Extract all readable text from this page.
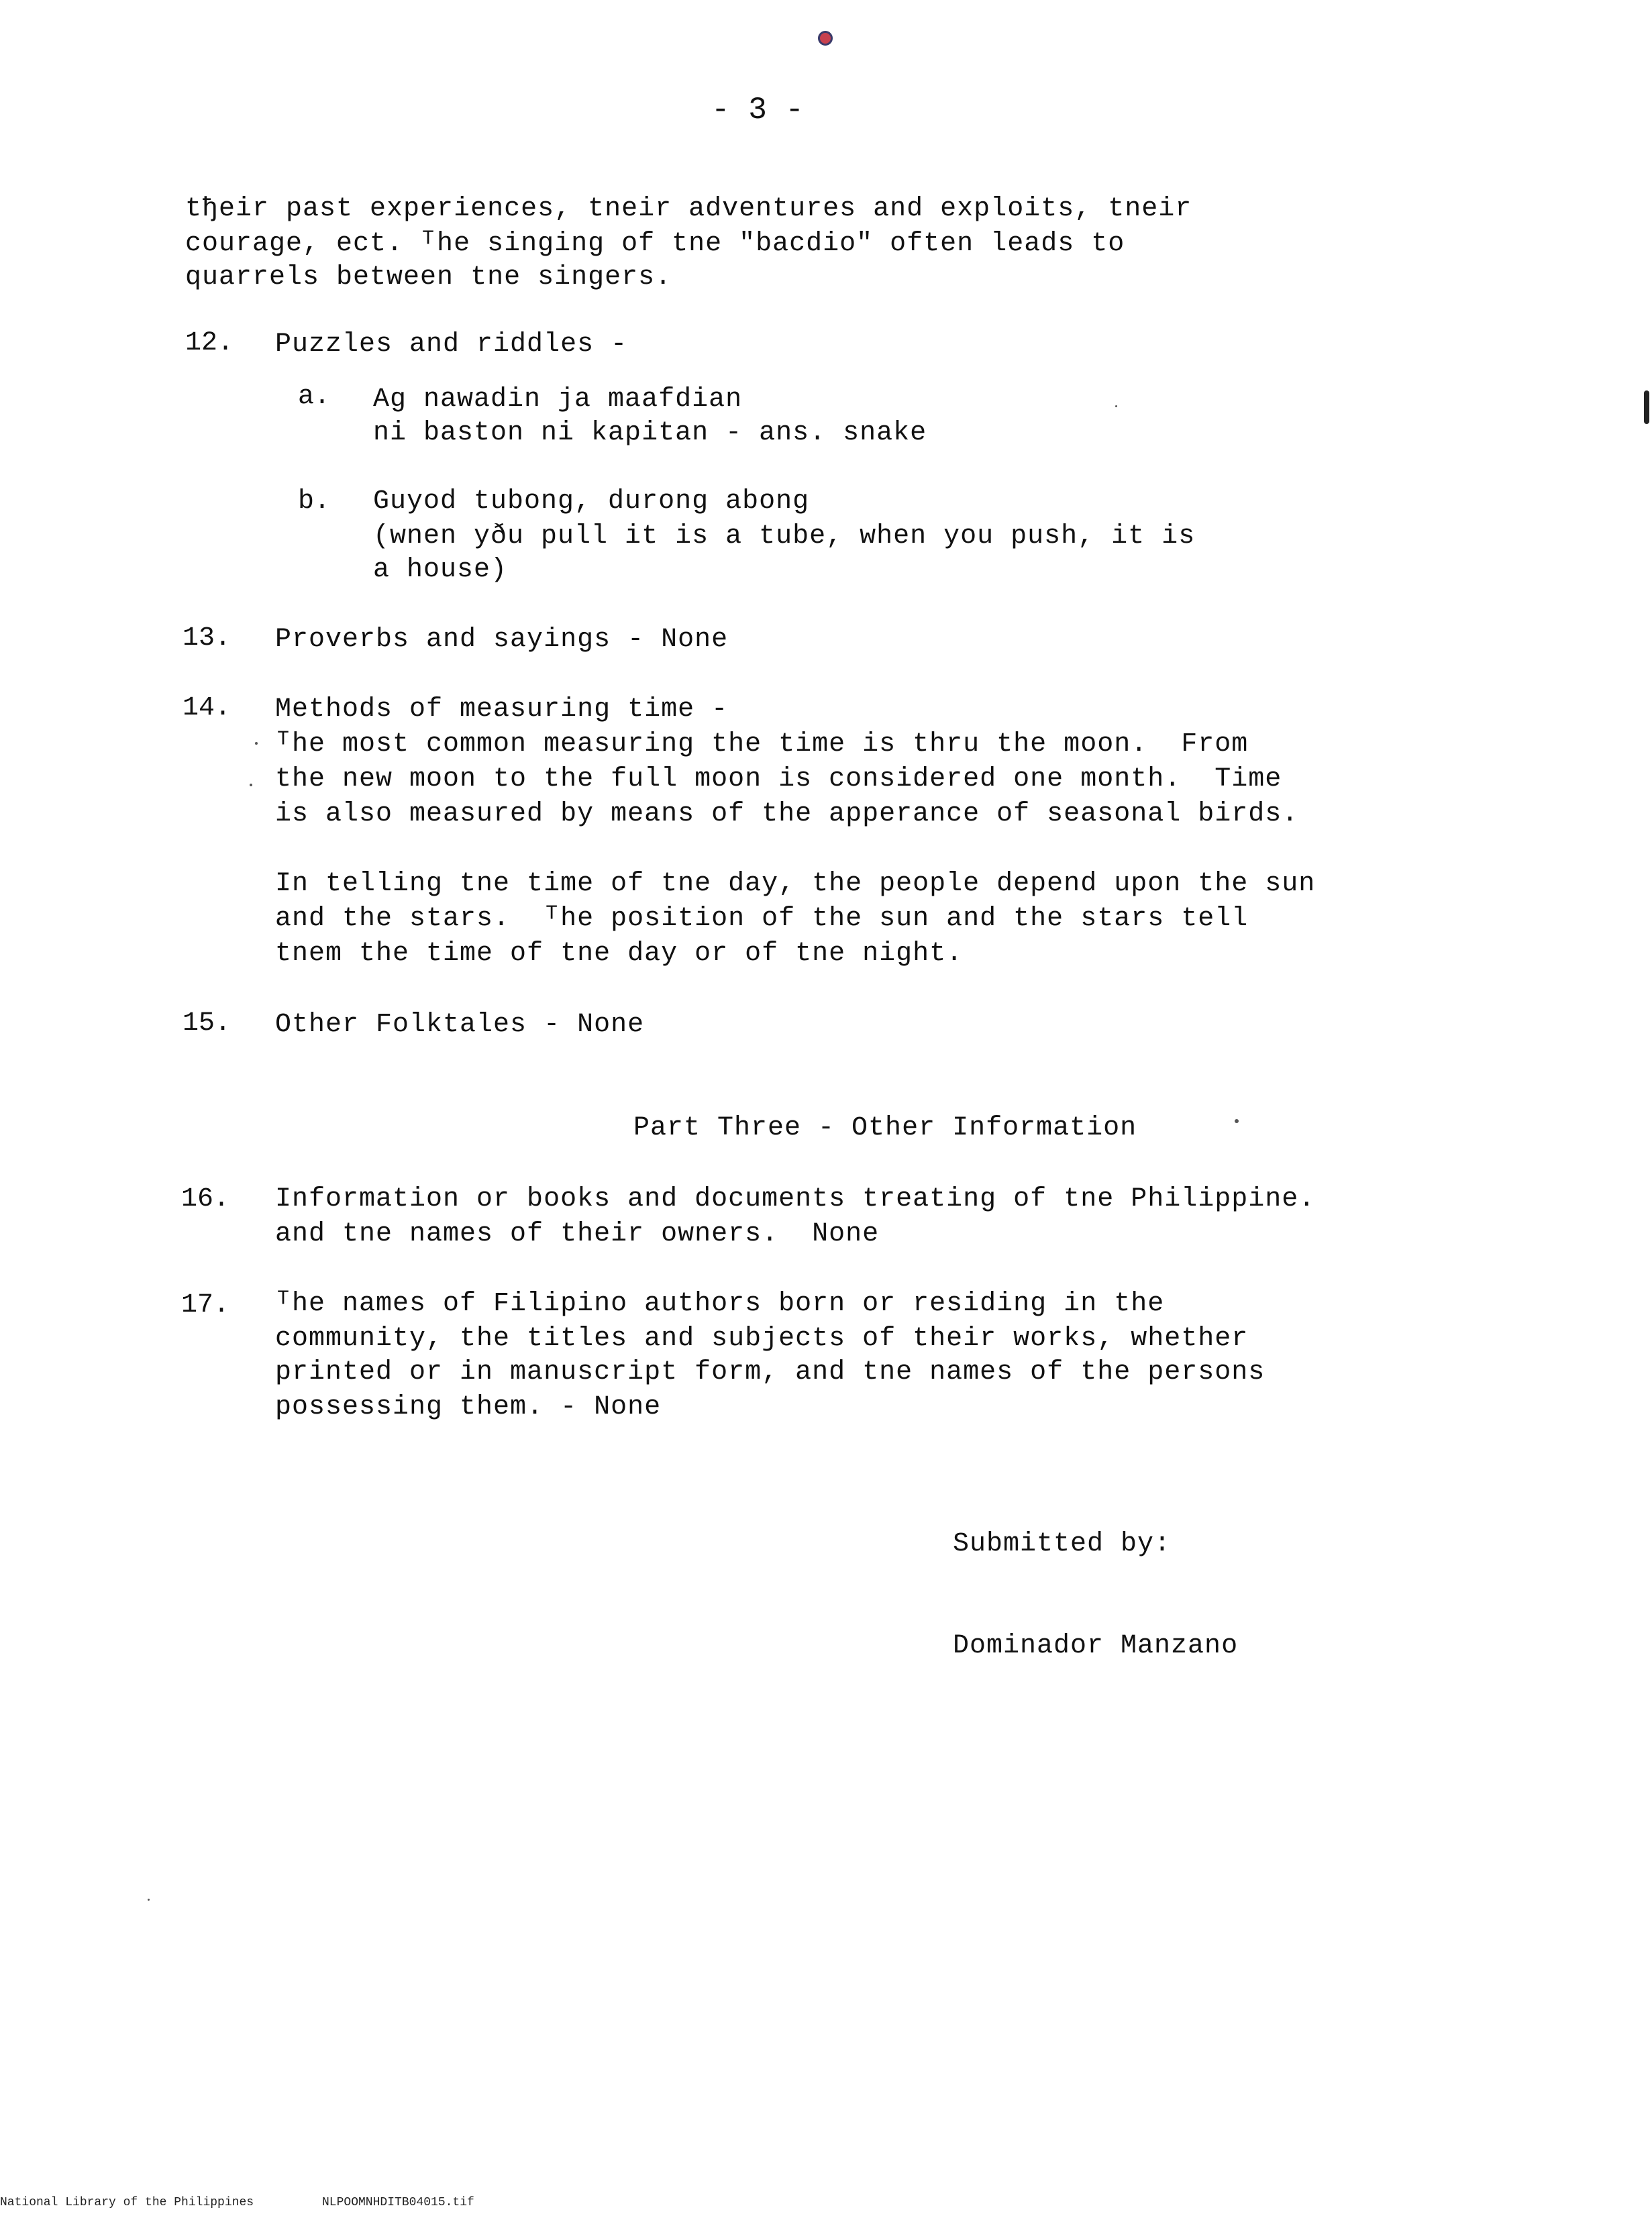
- 3 -
tђeir past experiences, tneir adventures and exploits, tneir
courage, ect. ᵀhe singing of tne "bacdio" often leads to
quarrels between tne singers.
12. Puzzles and riddles -
a. Ag nawadin ja maafdian
ni baston ni kapitan - ans. snake
b. Guyod tubong, durong abong
(wnen yðu pull it is a tube, when you push, it is
a house)
13. Proverbs and sayings - None
14. Methods of measuring time -
ᵀhe most common measuring the time is thru the moon.  From
the new moon to the full moon is considered one month.  Time
is also measured by means of the apperance of seasonal birds.
In telling tne time of tne day, the people depend upon the sun
and the stars.  ᵀhe position of the sun and the stars tell
tnem the time of tne day or of tne night.
15. Other Folktales - None
Part Three - Other Information
16. Information or books and documents treating of tne Philippine.
and tne names of their owners.  None
17. ᵀhe names of Filipino authors born or residing in the
community, the titles and subjects of their works, whether
printed or in manuscript form, and tne names of the persons
possessing them. - None
Submitted by:
Dominador Manzano
National Library of the Philippines	NLPOOMNHDITB04015.tif
